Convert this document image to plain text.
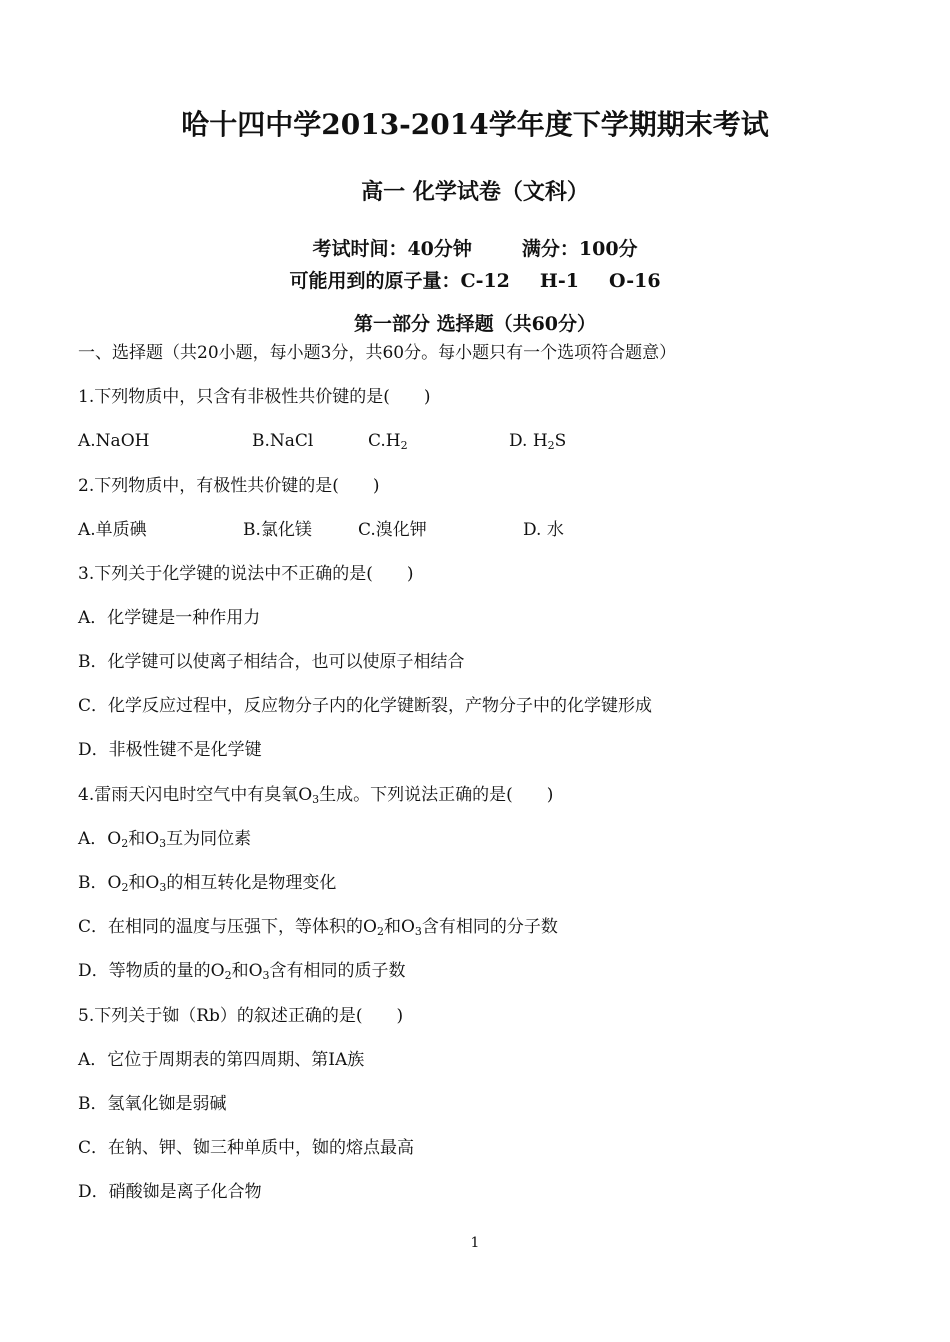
哈十四中学2013-2014学年度下学期期末考试
高一 化学试卷（文科）
考试时间：40分钟	满分：100分
可能用到的原子量：C-12 H-1 O-16
第一部分 选择题（共60分）
一、选择题（共20小题，每小题3分，共60分。每小题只有一个选项符合题意）
1.下列物质中，只含有非极性共价键的是(　　)
A.NaOH	B.NaCl	$C.H_2$	D. $H_2S$
2.下列物质中，有极性共价键的是(　　)
A.单质碘	B.氯化镁	C.溴化钾	D. 水
3.下列关于化学键的说法中不正确的是(　　)
A．化学键是一种作用力
B．化学键可以使离子相结合，也可以使原子相结合
C．化学反应过程中，反应物分子内的化学键断裂，产物分子中的化学键形成
D．非极性键不是化学键
4.雷雨天闪电时空气中有臭氧$O_3$生成。下列说法正确的是(　　)
A．$O_2$和$O_3$互为同位素
B．$O_2$和$O_3$的相互转化是物理变化
C．在相同的温度与压强下，等体积的$O_2$和$O_3$含有相同的分子数
D．等物质的量的$O_2$和$O_3$含有相同的质子数
5.下列关于铷（Rb）的叙述正确的是(　　)
A．它位于周期表的第四周期、第IA族
B．氢氧化铷是弱碱
C．在钠、钾、铷三种单质中，铷的熔点最高
D．硝酸铷是离子化合物
1
